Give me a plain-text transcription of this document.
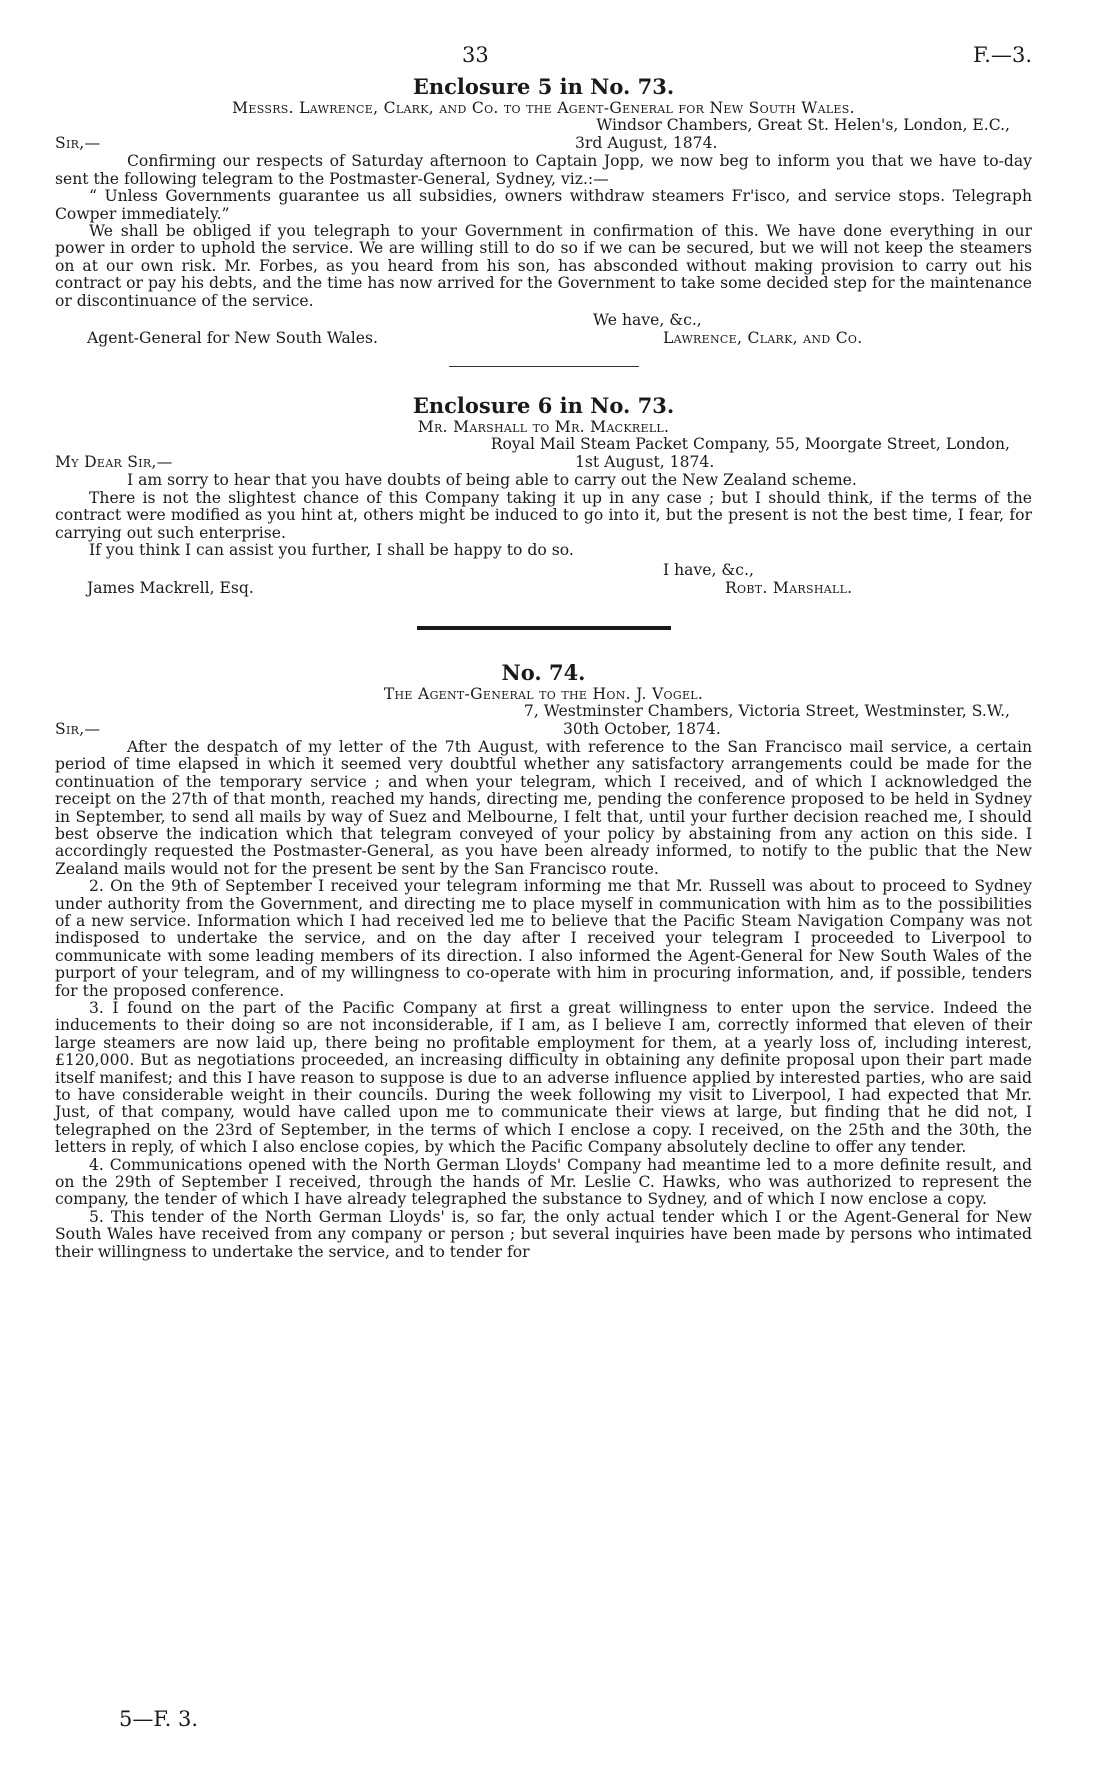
33	F.—3.
Enclosure 5 in No. 73.

Messrs. Lawrence, Clark, and Co. to the Agent-General for New South Wales.

Windsor Chambers, Great St. Helen's, London, E.C.,
Sir,—	3rd August, 1874.

Confirming our respects of Saturday afternoon to Captain Jopp, we now beg to inform you that we have to-day sent the following telegram to the Postmaster-General, Sydney, viz.:—

“ Unless Governments guarantee us all subsidies, owners withdraw steamers Fr'isco, and service stops. Telegraph Cowper immediately.”

We shall be obliged if you telegraph to your Government in confirmation of this. We have done everything in our power in order to uphold the service. We are willing still to do so if we can be secured, but we will not keep the steamers on at our own risk. Mr. Forbes, as you heard from his son, has absconded without making provision to carry out his contract or pay his debts, and the time has now arrived for the Government to take some decided step for the maintenance or discontinuance of the service.

We have, &c.,
Agent-General for New South Wales.	Lawrence, Clark, and Co.
Enclosure 6 in No. 73.

Mr. Marshall to Mr. Mackrell.

Royal Mail Steam Packet Company, 55, Moorgate Street, London,
My Dear Sir,—	1st August, 1874.

I am sorry to hear that you have doubts of being able to carry out the New Zealand scheme.

There is not the slightest chance of this Company taking it up in any case ; but I should think, if the terms of the contract were modified as you hint at, others might be induced to go into it, but the present is not the best time, I fear, for carrying out such enterprise.

If you think I can assist you further, I shall be happy to do so.

I have, &c.,
James Mackrell, Esq.	Robt. Marshall.
No. 74.

The Agent-General to the Hon. J. Vogel.

7, Westminster Chambers, Victoria Street, Westminster, S.W.,
Sir,—	30th October, 1874.

After the despatch of my letter of the 7th August, with reference to the San Francisco mail service, a certain period of time elapsed in which it seemed very doubtful whether any satisfactory arrangements could be made for the continuation of the temporary service ; and when your telegram, which I received, and of which I acknowledged the receipt on the 27th of that month, reached my hands, directing me, pending the conference proposed to be held in Sydney in September, to send all mails by way of Suez and Melbourne, I felt that, until your further decision reached me, I should best observe the indication which that telegram conveyed of your policy by abstaining from any action on this side. I accordingly requested the Postmaster-General, as you have been already informed, to notify to the public that the New Zealand mails would not for the present be sent by the San Francisco route.

2. On the 9th of September I received your telegram informing me that Mr. Russell was about to proceed to Sydney under authority from the Government, and directing me to place myself in communication with him as to the possibilities of a new service. Information which I had received led me to believe that the Pacific Steam Navigation Company was not indisposed to undertake the service, and on the day after I received your telegram I proceeded to Liverpool to communicate with some leading members of its direction. I also informed the Agent-General for New South Wales of the purport of your telegram, and of my willingness to co-operate with him in procuring information, and, if possible, tenders for the proposed conference.

3. I found on the part of the Pacific Company at first a great willingness to enter upon the service. Indeed the inducements to their doing so are not inconsiderable, if I am, as I believe I am, correctly informed that eleven of their large steamers are now laid up, there being no profitable employment for them, at a yearly loss of, including interest, £120,000. But as negotiations proceeded, an increasing difficulty in obtaining any definite proposal upon their part made itself manifest; and this I have reason to suppose is due to an adverse influence applied by interested parties, who are said to have considerable weight in their councils. During the week following my visit to Liverpool, I had expected that Mr. Just, of that company, would have called upon me to communicate their views at large, but finding that he did not, I telegraphed on the 23rd of September, in the terms of which I enclose a copy. I received, on the 25th and the 30th, the letters in reply, of which I also enclose copies, by which the Pacific Company absolutely decline to offer any tender.

4. Communications opened with the North German Lloyds' Company had meantime led to a more definite result, and on the 29th of September I received, through the hands of Mr. Leslie C. Hawks, who was authorized to represent the company, the tender of which I have already telegraphed the substance to Sydney, and of which I now enclose a copy.

5. This tender of the North German Lloyds' is, so far, the only actual tender which I or the Agent-General for New South Wales have received from any company or person ; but several inquiries have been made by persons who intimated their willingness to undertake the service, and to tender for

5—F. 3.
